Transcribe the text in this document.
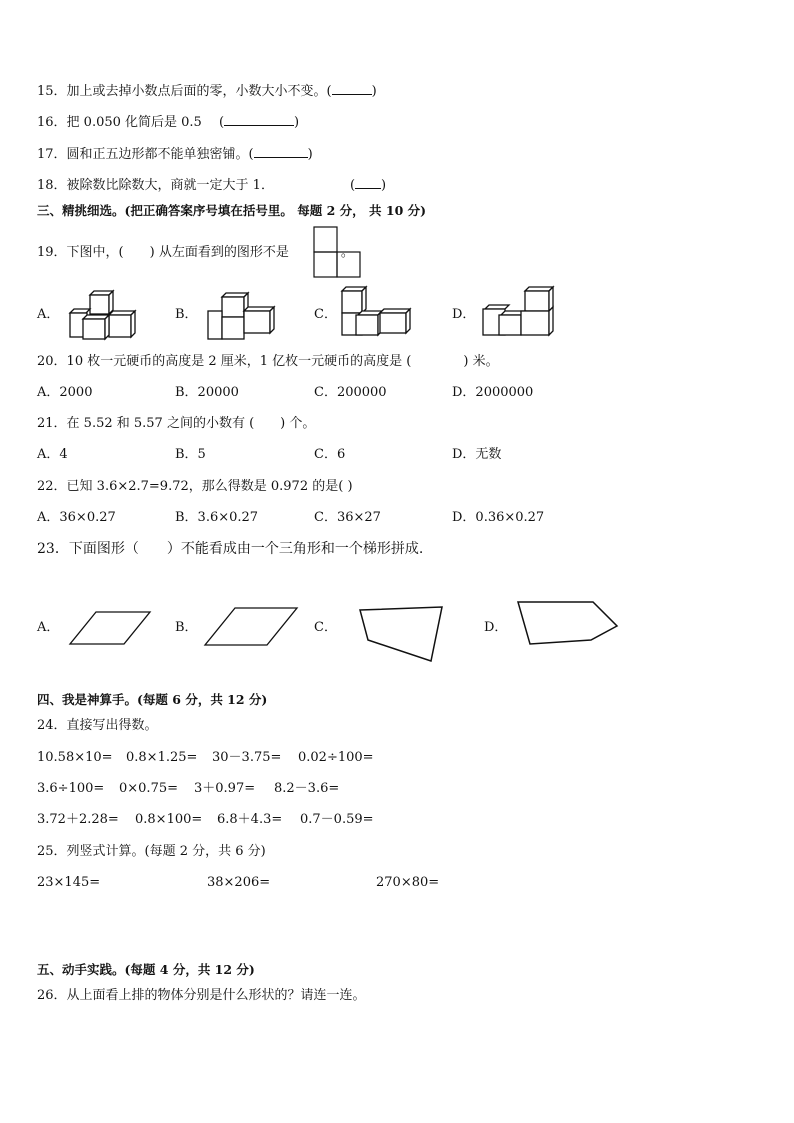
15．加上或去掉小数点后面的零，小数大小不变。(	)
16．把 0.050 化简后是 0.5　 (	)
17．圆和正五边形都不能单独密铺。(	)
18．被除数比除数大，商就一定大于 1．	( )
三、精挑细选。(把正确答案序号填在括号里。 每题 2 分， 共 10 分)
19．下图中，(　　) 从左面看到的图形不是	。
A．	B．	C．	D．
20．10 枚一元硬币的高度是 2 厘米，1 亿枚一元硬币的高度是 (　　　　) 米。
A．2000	B．20000	C．200000	D．2000000
21．在 5.52 和 5.57 之间的小数有 (　　) 个。
A．4	B．5	C．6	D．无数
22．已知 3.6×2.7=9.72，那么得数是 0.972 的是( )
A．36×0.27	B．3.6×0.27	C．36×27	D．0.36×0.27
23．下面图形（　　）不能看成由一个三角形和一个梯形拼成.
A．	B．	C．	D．
四、我是神算手。(每题 6 分，共 12 分)
24．直接写出得数。
10.58×10= 0.8×1.25= 30－3.75= 0.02÷100=
3.6÷100= 0×0.75= 3＋0.97= 8.2－3.6=
3.72＋2.28= 0.8×100= 6.8＋4.3= 0.7－0.59=
25．列竖式计算。(每题 2 分，共 6 分)
23×145=	38×206=	270×80=
五、动手实践。(每题 4 分，共 12 分)
26．从上面看上排的物体分别是什么形状的？请连一连。
